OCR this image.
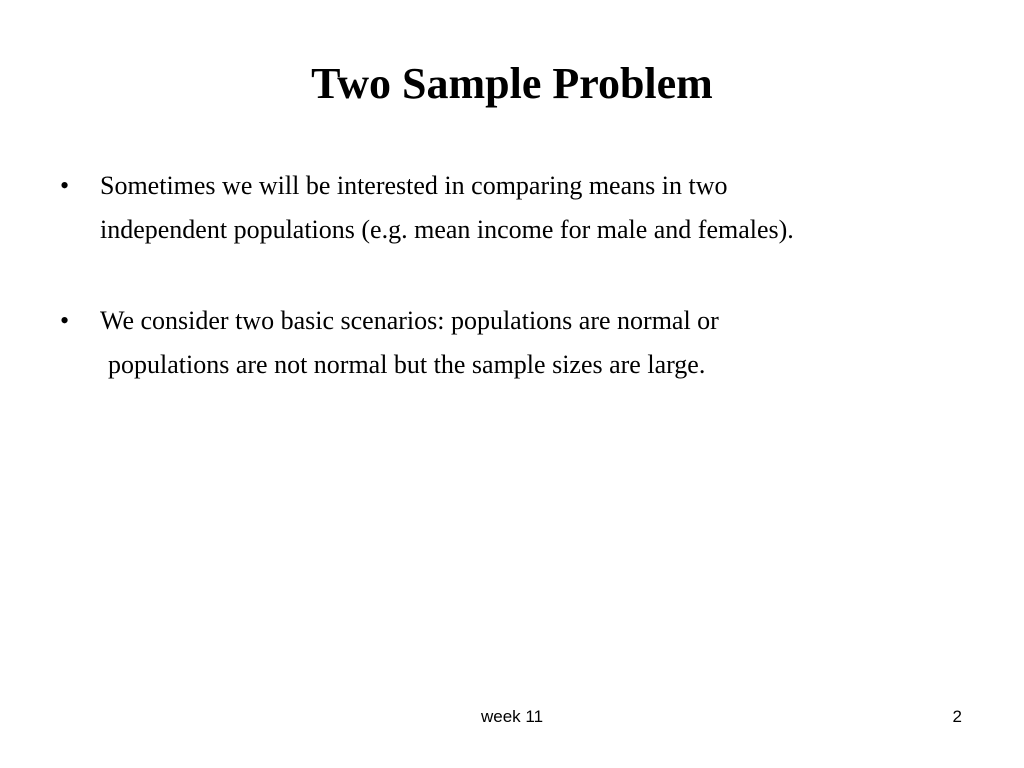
Two Sample Problem
•	Sometimes we will be interested in comparing means in two
independent populations (e.g. mean income for male and females).
•	We consider two basic scenarios: populations are normal or
populations are not normal but the sample sizes are large.
week 11	2
